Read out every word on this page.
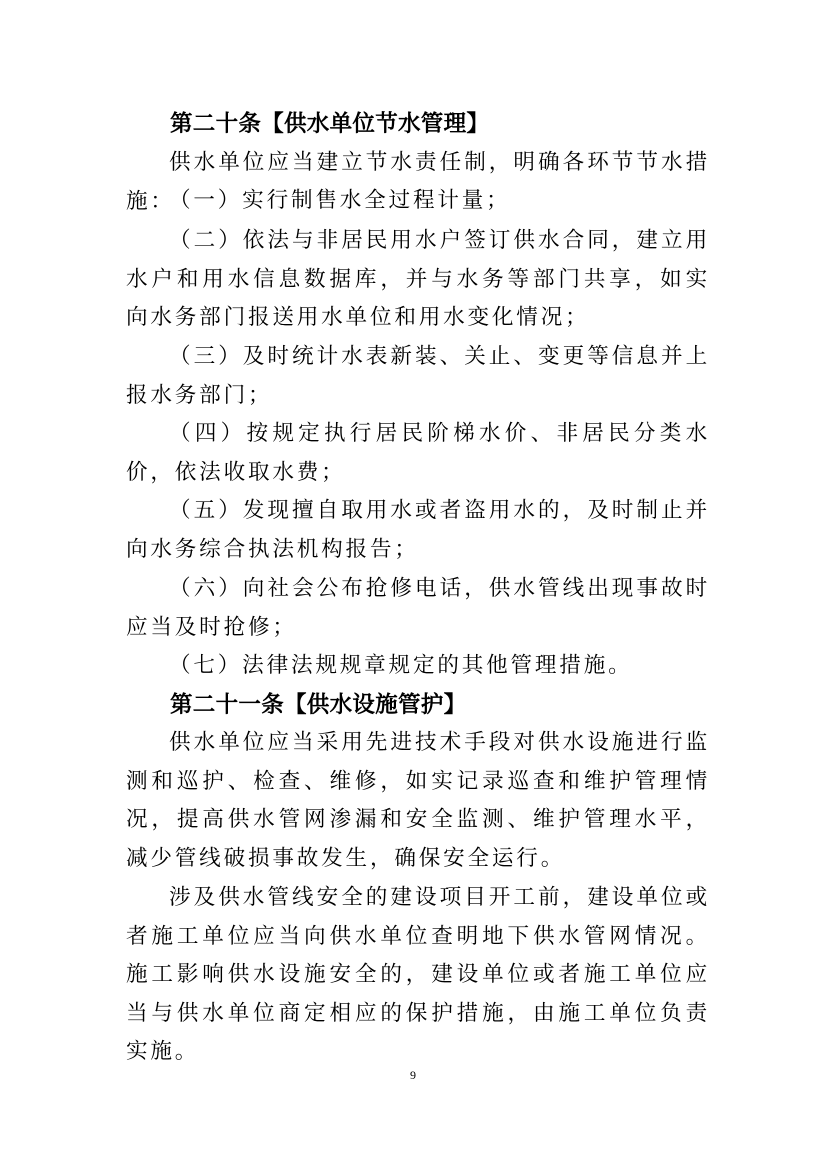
第二十条【供水单位节水管理】

供水单位应当建立节水责任制，明确各环节节水措施：

（一）实行制售水全过程计量；

（二）依法与非居民用水户签订供水合同，建立用水户和用水信息数据库，并与水务等部门共享，如实向水务部门报送用水单位和用水变化情况；

（三）及时统计水表新装、关止、变更等信息并上报水务部门；

（四）按规定执行居民阶梯水价、非居民分类水价，依法收取水费；

（五）发现擅自取用水或者盗用水的，及时制止并向水务综合执法机构报告；

（六）向社会公布抢修电话，供水管线出现事故时应当及时抢修；

（七）法律法规规章规定的其他管理措施。

第二十一条【供水设施管护】

供水单位应当采用先进技术手段对供水设施进行监测和巡护、检查、维修，如实记录巡查和维护管理情况，提高供水管网渗漏和安全监测、维护管理水平，减少管线破损事故发生，确保安全运行。

涉及供水管线安全的建设项目开工前，建设单位或者施工单位应当向供水单位查明地下供水管网情况。施工影响供水设施安全的，建设单位或者施工单位应当与供水单位商定相应的保护措施，由施工单位负责实施。

9
